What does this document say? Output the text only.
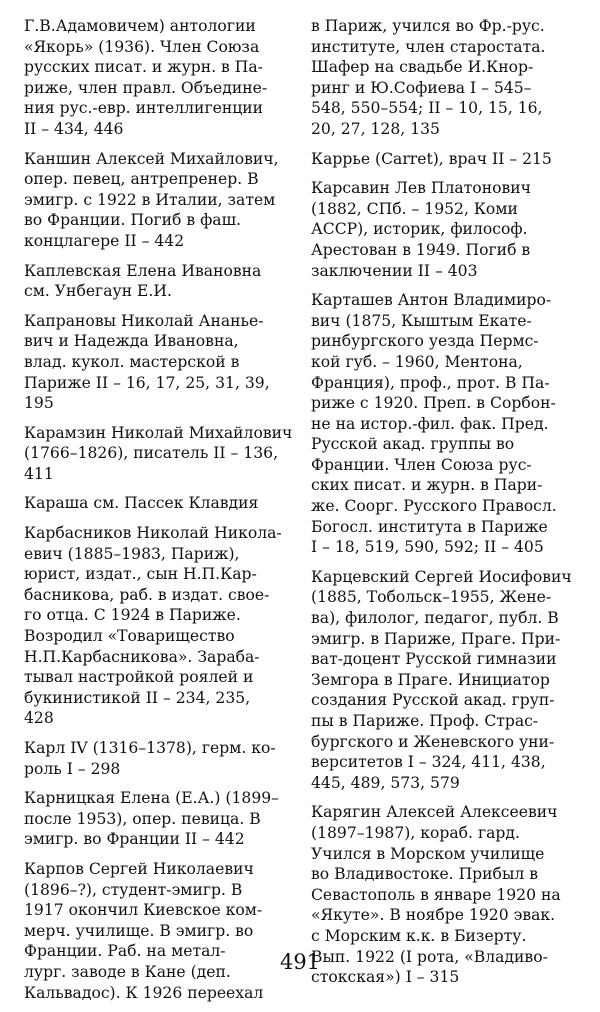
Г.В.Адамовичем) антологии

«Якорь» (1936). Член Союза

русских писат. и журн. в Па-

риже, член правл. Объедине-

ния рус.-евр. интеллигенции

II – 434, 446

Каншин Алексей Михайлович,

опер. певец, антрепренер. В

эмигр. с 1922 в Италии, затем

во Франции. Погиб в фаш.

концлагере II – 442

Каплевская Елена Ивановна

см. Унбегаун Е.И.

Капрановы Николай Ананье-

вич и Надежда Ивановна,

влад. кукол. мастерской в

Париже II – 16, 17, 25, 31, 39,

195

Карамзин Николай Михайлович

(1766–1826), писатель II – 136,

411

Караша см. Пассек Клавдия

Карбасников Николай Никола-

евич (1885–1983, Париж),

юрист, издат., сын Н.П.Кар-

басникова, раб. в издат. свое-

го отца. С 1924 в Париже.

Возродил «Товарищество

Н.П.Карбасникова». Зараба-

тывал настройкой роялей и

букинистикой II – 234, 235,

428

Карл IV (1316–1378), герм. ко-

роль I – 298

Карницкая Елена (Е.А.) (1899–

после 1953), опер. певица. В

эмигр. во Франции II – 442

Карпов Сергей Николаевич

(1896–?), студент-эмигр. В

1917 окончил Киевское ком-

мерч. училище. В эмигр. во

Франции. Раб. на метал-

лург. заводе в Кане (деп.

Кальвадос). К 1926 переехал

в Париж, учился во Фр.-рус.

институте, член старостата.

Шафер на свадьбе И.Кнор-

ринг и Ю.Софиева I – 545–

548, 550–554; II – 10, 15, 16,

20, 27, 128, 135

Каррье (Carret), врач II – 215

Карсавин Лев Платонович

(1882, СПб. – 1952, Коми

АССР), историк, философ.

Арестован в 1949. Погиб в

заключении II – 403

Карташев Антон Владимиро-

вич (1875, Кыштым Екате-

ринбургского уезда Пермс-

кой губ. – 1960, Ментона,

Франция), проф., прот. В Па-

риже с 1920. Преп. в Сорбон-

не на истор.-фил. фак. Пред.

Русской акад. группы во

Франции. Член Союза рус-

ских писат. и журн. в Пари-

же. Соорг. Русского Правосл.

Богосл. института в Париже

I – 18, 519, 590, 592; II – 405

Карцевский Сергей Иосифович

(1885, Тобольск–1955, Жене-

ва), филолог, педагог, публ. В

эмигр. в Париже, Праге. При-

ват-доцент Русской гимназии

Земгора в Праге. Инициатор

создания Русской акад. груп-

пы в Париже. Проф. Страс-

бургского и Женевского уни-

верситетов I – 324, 411, 438,

445, 489, 573, 579

Карягин Алексей Алексеевич

(1897–1987), кораб. гард.

Учился в Морском училище

во Владивостоке. Прибыл в

Севастополь в январе 1920 на

«Якуте». В ноябре 1920 эвак.

с Морским к.к. в Бизерту.

Вып. 1922 (I рота, «Владиво-

стокская») I – 315

491
